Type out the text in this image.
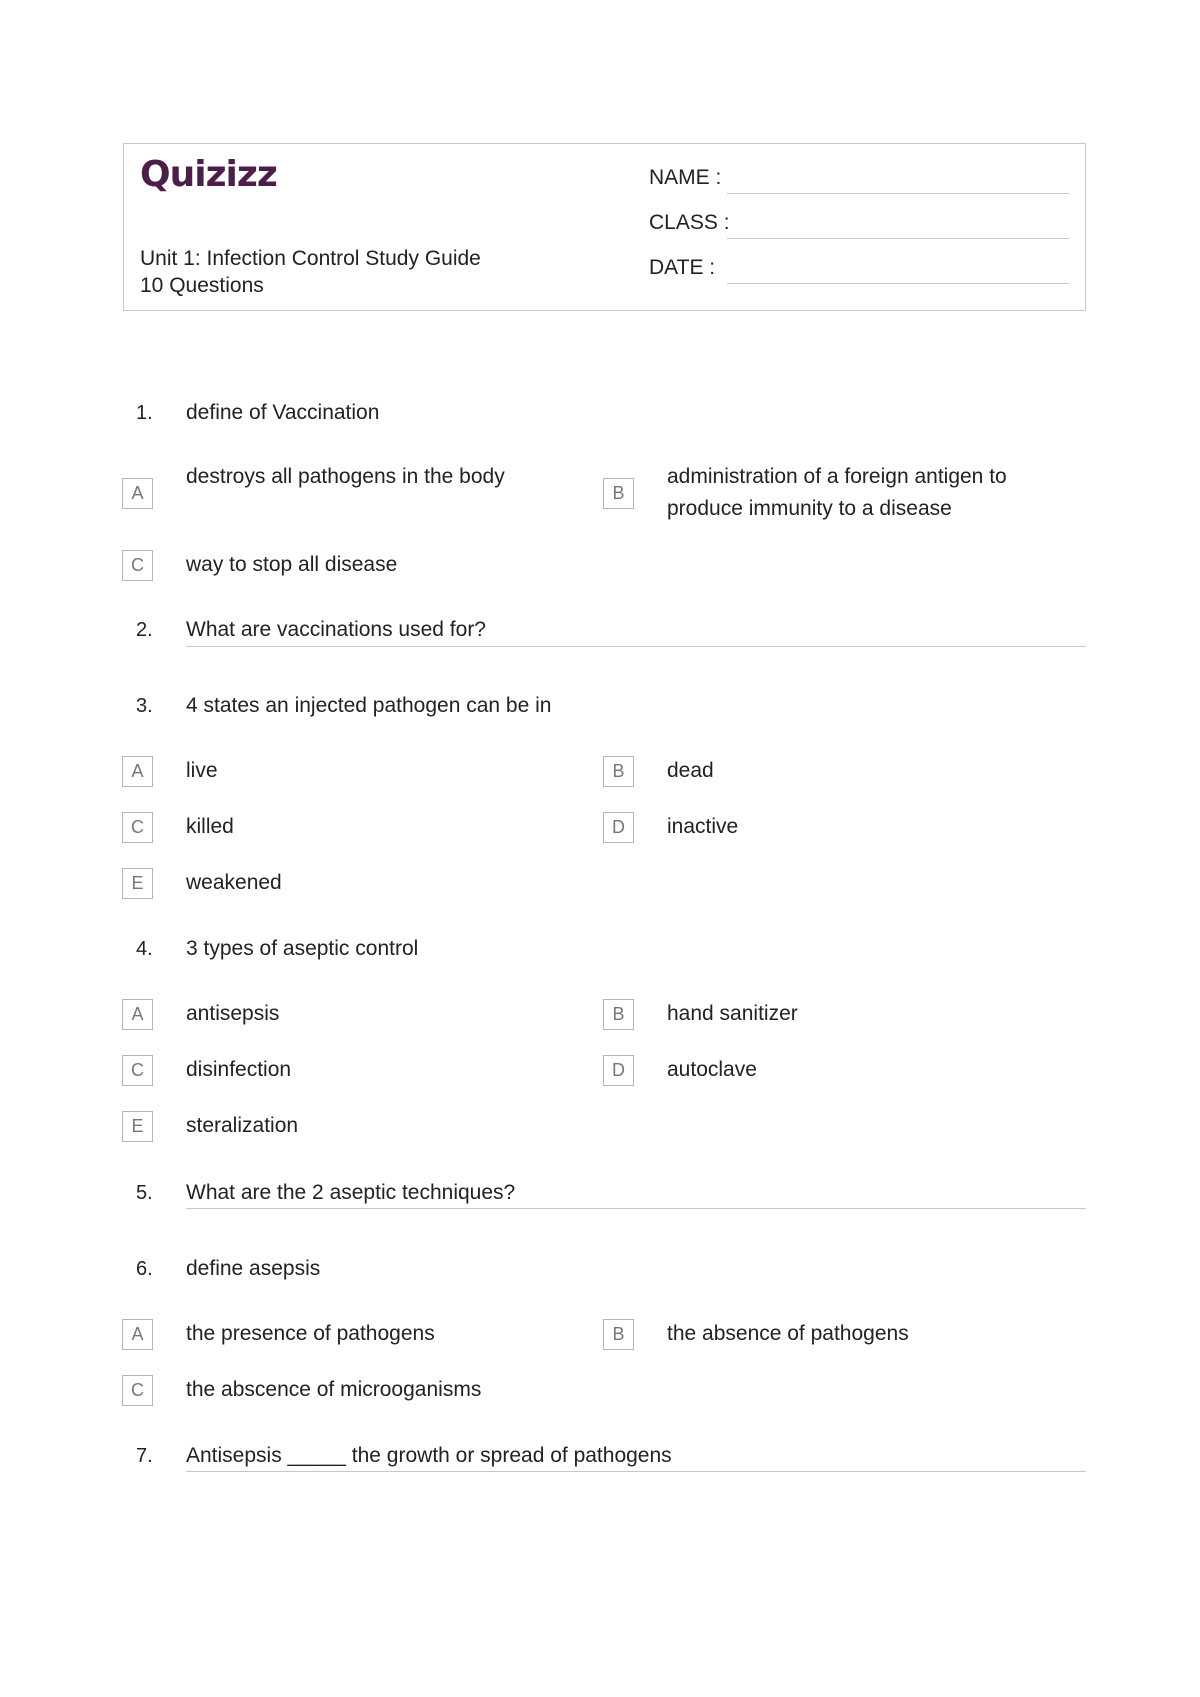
Quizizz
Unit 1: Infection Control Study Guide
10 Questions
NAME :
CLASS :
DATE :
1. define of Vaccination
A
destroys all pathogens in the body
B
administration of a foreign antigen to produce immunity to a disease
C	way to stop all disease
2. What are vaccinations used for?
3. 4 states an injected pathogen can be in
A	live	B	dead
C	killed	D	inactive
E	weakened
4. 3 types of aseptic control
A	antisepsis	B	hand sanitizer
C	disinfection	D	autoclave
E	steralization
5. What are the 2 aseptic techniques?
6. define asepsis
A	the presence of pathogens	B	the absence of pathogens
C	the abscence of microoganisms
7. Antisepsis _____ the growth or spread of pathogens
